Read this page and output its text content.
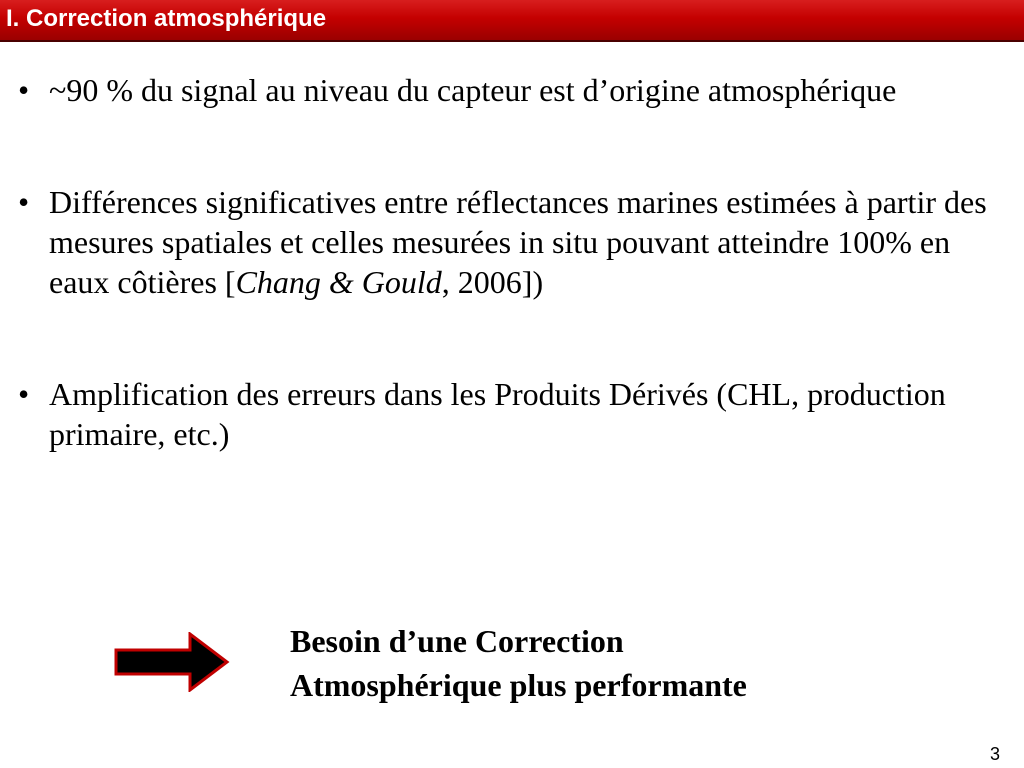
I. Correction atmosphérique
• ~90 % du signal au niveau du capteur est d’origine atmosphérique
• Différences significatives entre réflectances marines estimées à partir des mesures spatiales et celles mesurées in situ pouvant atteindre 100% en eaux côtières [Chang & Gould, 2006])
• Amplification des erreurs dans les Produits Dérivés (CHL, production primaire, etc.)
Besoin d’une Correction
Atmosphérique plus performante
3
